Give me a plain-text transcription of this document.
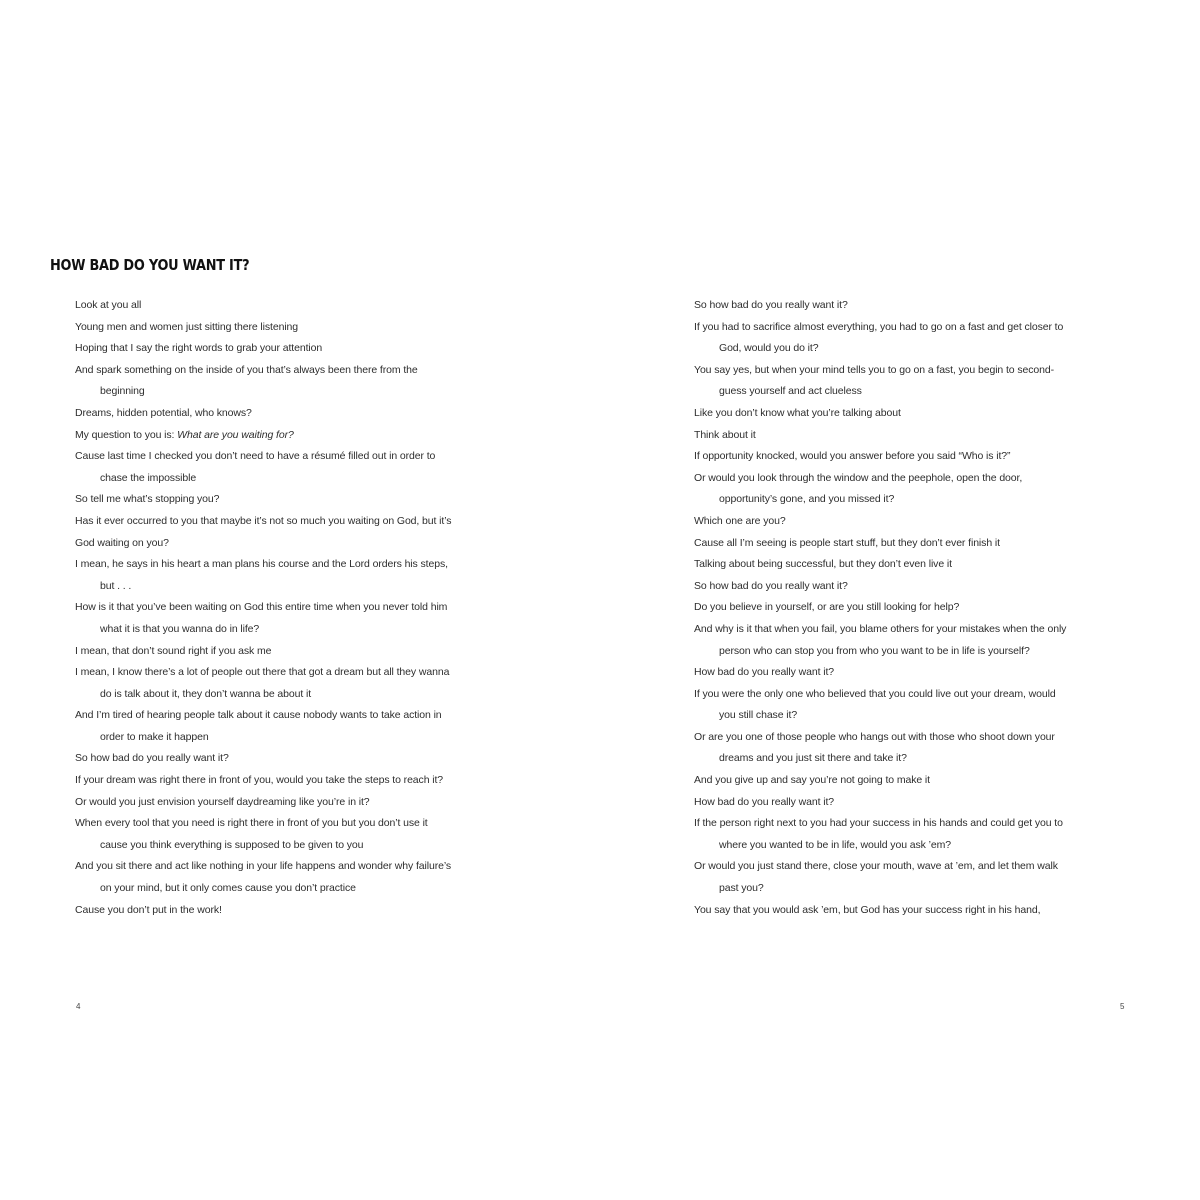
HOW BAD DO YOU WANT IT?
Look at you all
Young men and women just sitting there listening
Hoping that I say the right words to grab your attention
And spark something on the inside of you that’s always been there from the
beginning
Dreams, hidden potential, who knows?
My question to you is: What are you waiting for?
Cause last time I checked you don’t need to have a résumé filled out in order to
chase the impossible
So tell me what’s stopping you?
Has it ever occurred to you that maybe it’s not so much you waiting on God, but it’s
God waiting on you?
I mean, he says in his heart a man plans his course and the Lord orders his steps,
but . . .
How is it that you’ve been waiting on God this entire time when you never told him
what it is that you wanna do in life?
I mean, that don’t sound right if you ask me
I mean, I know there’s a lot of people out there that got a dream but all they wanna
do is talk about it, they don’t wanna be about it
And I’m tired of hearing people talk about it cause nobody wants to take action in
order to make it happen
So how bad do you really want it?
If your dream was right there in front of you, would you take the steps to reach it?
Or would you just envision yourself daydreaming like you’re in it?
When every tool that you need is right there in front of you but you don’t use it
cause you think everything is supposed to be given to you
And you sit there and act like nothing in your life happens and wonder why failure’s
on your mind, but it only comes cause you don’t practice
Cause you don’t put in the work!
4
So how bad do you really want it?
If you had to sacrifice almost everything, you had to go on a fast and get closer to
God, would you do it?
You say yes, but when your mind tells you to go on a fast, you begin to second-
guess yourself and act clueless
Like you don’t know what you’re talking about
Think about it
If opportunity knocked, would you answer before you said “Who is it?”
Or would you look through the window and the peephole, open the door,
opportunity’s gone, and you missed it?
Which one are you?
Cause all I’m seeing is people start stuff, but they don’t ever finish it
Talking about being successful, but they don’t even live it
So how bad do you really want it?
Do you believe in yourself, or are you still looking for help?
And why is it that when you fail, you blame others for your mistakes when the only
person who can stop you from who you want to be in life is yourself?
How bad do you really want it?
If you were the only one who believed that you could live out your dream, would
you still chase it?
Or are you one of those people who hangs out with those who shoot down your
dreams and you just sit there and take it?
And you give up and say you’re not going to make it
How bad do you really want it?
If the person right next to you had your success in his hands and could get you to
where you wanted to be in life, would you ask ’em?
Or would you just stand there, close your mouth, wave at ’em, and let them walk
past you?
You say that you would ask ’em, but God has your success right in his hand,
5
